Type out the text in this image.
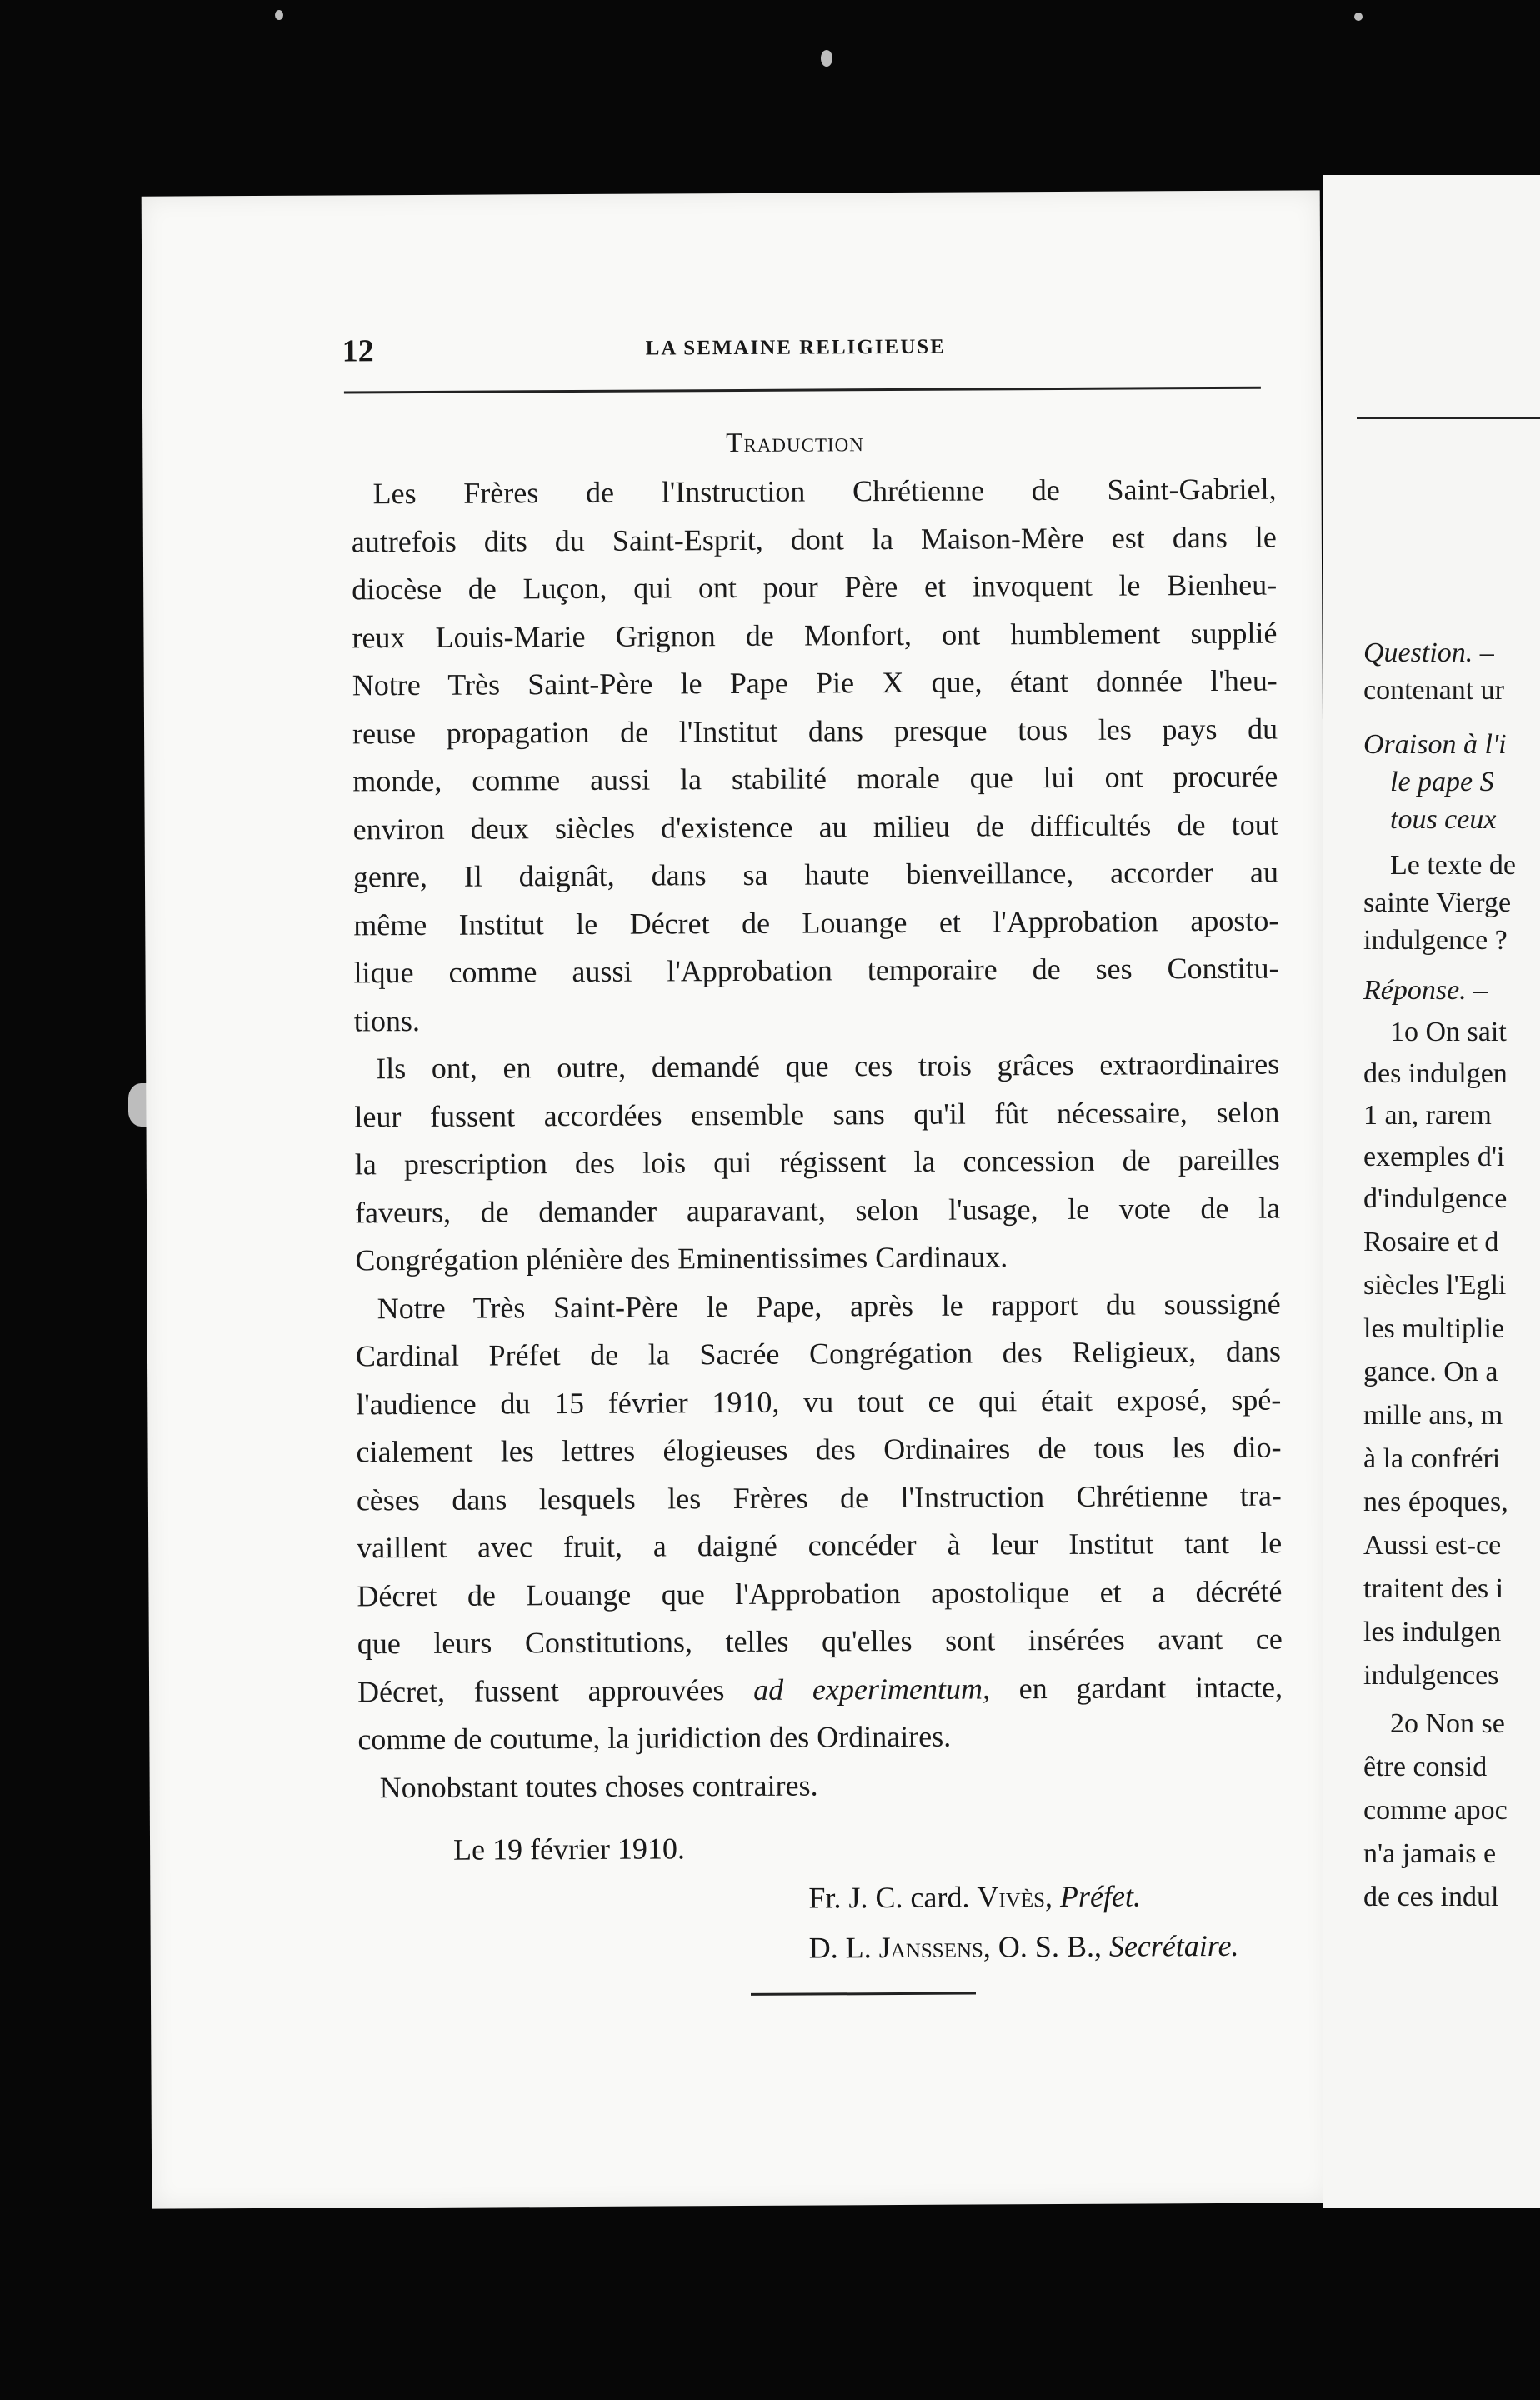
12	LA SEMAINE RELIGIEUSE
Traduction
Les Frères de l'Instruction Chrétienne de Saint-Gabriel,
autrefois dits du Saint-Esprit, dont la Maison-Mère est dans le
diocèse de Luçon, qui ont pour Père et invoquent le Bienheu-
reux Louis-Marie Grignon de Monfort, ont humblement supplié
Notre Très Saint-Père le Pape Pie X que, étant donnée l'heu-
reuse propagation de l'Institut dans presque tous les pays du
monde, comme aussi la stabilité morale que lui ont procurée
environ deux siècles d'existence au milieu de difficultés de tout
genre, Il daignât, dans sa haute bienveillance, accorder au
même Institut le Décret de Louange et l'Approbation aposto-
lique comme aussi l'Approbation temporaire de ses Constitu-
tions.
Ils ont, en outre, demandé que ces trois grâces extraordinaires
leur fussent accordées ensemble sans qu'il fût nécessaire, selon
la prescription des lois qui régissent la concession de pareilles
faveurs, de demander auparavant, selon l'usage, le vote de la
Congrégation plénière des Eminentissimes Cardinaux.
Notre Très Saint-Père le Pape, après le rapport du soussigné
Cardinal Préfet de la Sacrée Congrégation des Religieux, dans
l'audience du 15 février 1910, vu tout ce qui était exposé, spé-
cialement les lettres élogieuses des Ordinaires de tous les dio-
cèses dans lesquels les Frères de l'Instruction Chrétienne tra-
vaillent avec fruit, a daigné concéder à leur Institut tant le
Décret de Louange que l'Approbation apostolique et a décrété
que leurs Constitutions, telles qu'elles sont insérées avant ce
Décret, fussent approuvées ad experimentum, en gardant intacte,
comme de coutume, la juridiction des Ordinaires.
Nonobstant toutes choses contraires.
Le 19 février 1910.
Fr. J. C. card. Vivès, Préfet.
D. L. Janssens, O. S. B., Secrétaire.
Question. –
contenant ur
Oraison à l'i
le pape S
tous ceux
Le texte de
sainte Vierge
indulgence ?
Réponse. –
1o On sait
des indulgen
1 an, rarem
exemples d'i
d'indulgence
Rosaire et d
siècles l'Egli
les multiplie
gance. On a
mille ans, m
à la confréri
nes époques,
Aussi est-ce
traitent des i
les indulgen
indulgences
2o Non se
être consid
comme apoc
n'a jamais e
de ces indul
